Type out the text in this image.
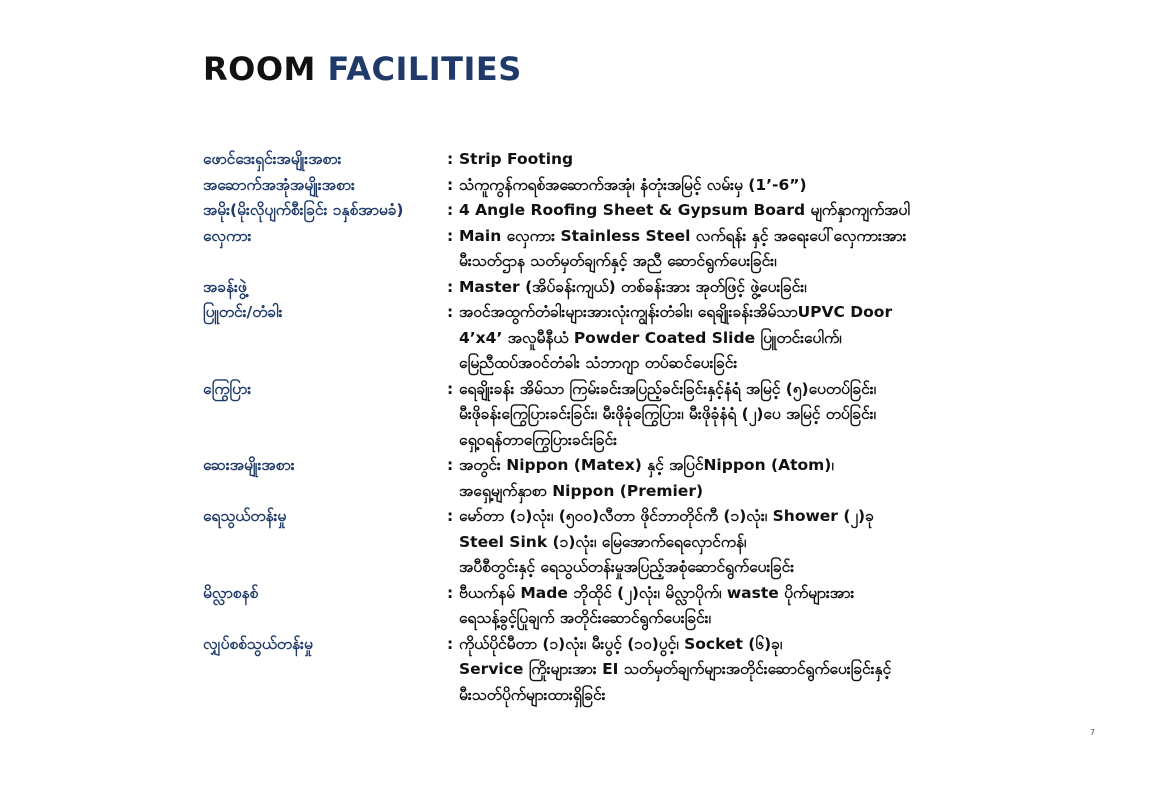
ROOM FACILITIES
ဖောင်ဒေးရှင်းအမျိုးအစား	: Strip Footing
အဆောက်အအုံအမျိုးအစား	: သံကူကွန်ကရစ်အဆောက်အအုံ၊ နံတုံးအမြင့် လမ်းမှ (1’-6”)
အမိုး(မိုးလိုပျက်စီးခြင်း ၁နှစ်အာမခံ)	: 4 Angle Roofing Sheet & Gypsum Board မျက်နှာကျက်အပါ
လှေကား	: Main လှေကား Stainless Steel လက်ရန်း နှင့် အရေးပေါ်လှေကားအား
မီးသတ်ဌာန သတ်မှတ်ချက်နှင့် အညီ ဆောင်ရွက်ပေးခြင်း၊
အခန်းဖွဲ့	: Master (အိပ်ခန်းကျယ်) တစ်ခန်းအား အုတ်ဖြင့် ဖွဲ့ပေးခြင်း၊
ပြူတင်း/တံခါး	: အဝင်အထွက်တံခါးများအားလုံးကျွန်းတံခါး၊ ရေချိုးခန်းအိမ်သာUPVC Door
4’x4’ အလူမီနီယံ Powder Coated Slide ပြူတင်းပေါက်၊
မြေညီထပ်အဝင်တံခါး သံဘာဂျာ တပ်ဆင်ပေးခြင်း
ကြွေပြား	: ရေချိုးခန်း အိမ်သာ ကြမ်းခင်းအပြည့်ခင်းခြင်းနှင့်နံရံ အမြင့် (၅)ပေတပ်ခြင်း၊
မီးဖိုခန်းကြွေပြားခင်းခြင်း၊ မီးဖိုခုံကြွေပြား၊ မီးဖိုခုံနံရံ (၂)ပေ အမြင့် တပ်ခြင်း၊
ရှေ့ဝရန်တာကြွေပြားခင်းခြင်း
ဆေးအမျိုးအစား	: အတွင်း Nippon (Matex) နှင့် အပြင်Nippon (Atom)၊
အရှေ့မျက်နှာစာ Nippon (Premier)
ရေသွယ်တန်းမှု	: မော်တာ (၁)လုံး၊ (၅၀၀)လီတာ ဖိုင်ဘာတိုင်ကီ (၁)လုံး၊ Shower (၂)ခု
Steel Sink (၁)လုံး၊ မြေအောက်ရေလှောင်ကန်၊
အပီစီတွင်းနှင့် ရေသွယ်တန်းမှုအပြည့်အစုံဆောင်ရွက်ပေးခြင်း
မိလ္လာစနစ်	: ဗီယက်နမ် Made ဘိုထိုင် (၂)လုံး၊ မိလ္လာပိုက်၊ waste ပိုက်များအား
ရေသန့်ခွင့်ပြုချက် အတိုင်းဆောင်ရွက်ပေးခြင်း၊
လျှပ်စစ်သွယ်တန်းမှု	: ကိုယ်ပိုင်မီတာ (၁)လုံး၊ မီးပွင့် (၁၀)ပွင့်၊ Socket (၆)ခု၊
Service ကြိုးများအား EI သတ်မှတ်ချက်များအတိုင်းဆောင်ရွက်ပေးခြင်းနှင့်
မီးသတ်ပိုက်များထားရှိခြင်း
7
